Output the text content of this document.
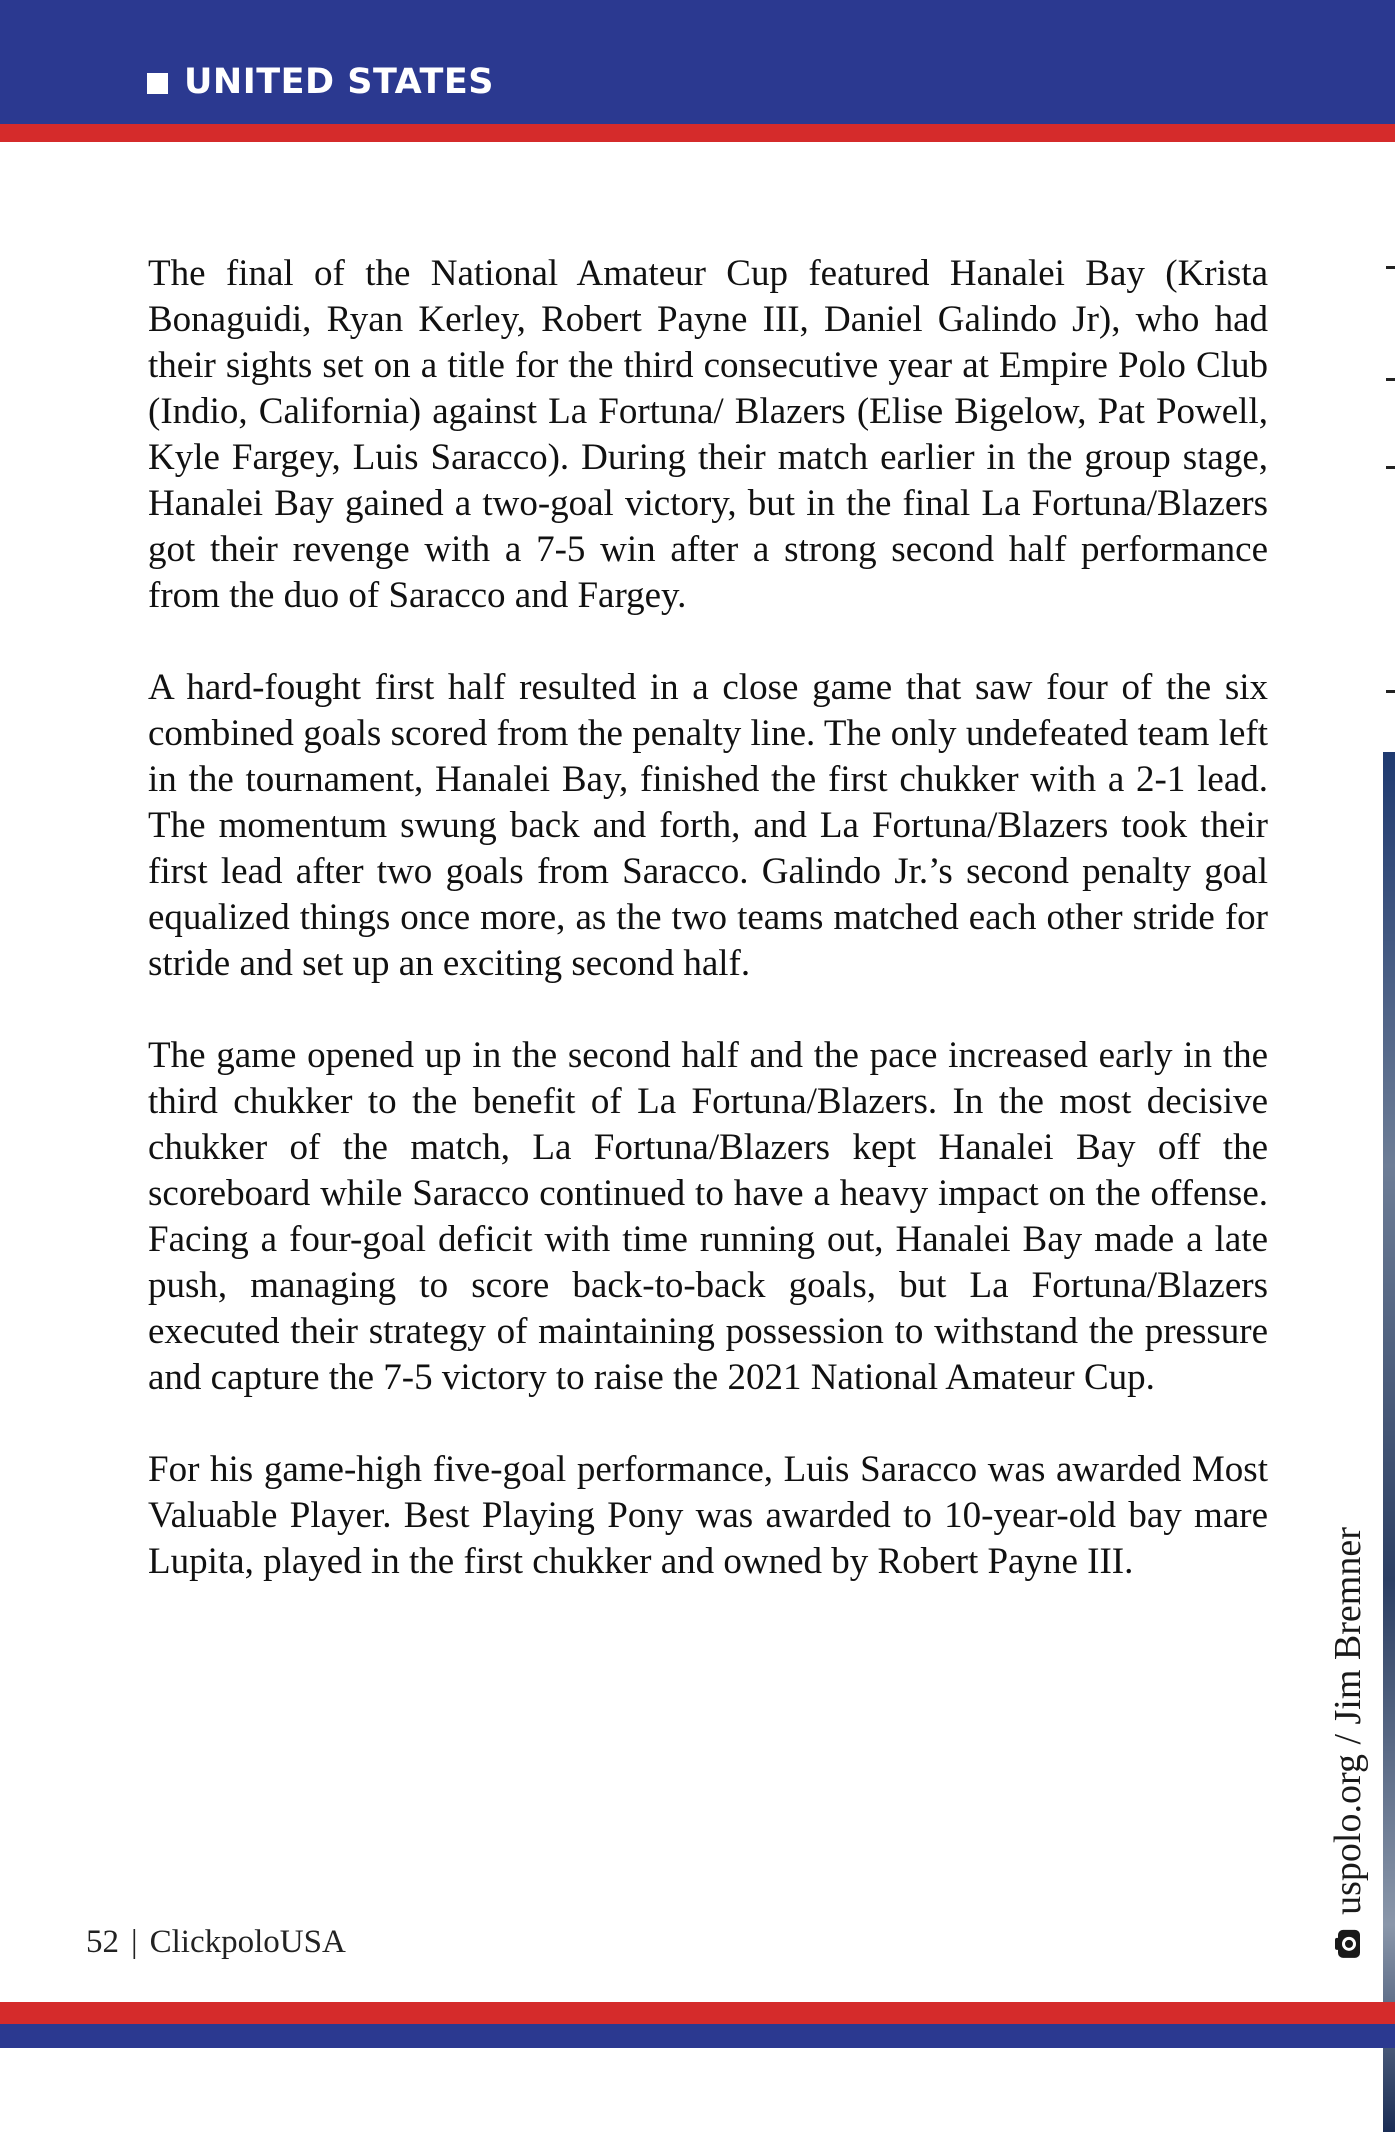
UNITED STATES

The final of the National Amateur Cup featured Hanalei Bay (Krista Bonaguidi, Ryan Kerley, Robert Payne III, Daniel Galindo Jr), who had their sights set on a title for the third consecutive year at Empire Polo Club (Indio, California) against La Fortuna/ Blazers (Elise Bigelow, Pat Powell, Kyle Fargey, Luis Saracco). During their match earlier in the group stage, Hanalei Bay gained a two-goal victory, but in the final La Fortuna/Blazers got their revenge with a 7-5 win after a strong second half performance from the duo of Saracco and Fargey.

A hard-fought first half resulted in a close game that saw four of the six combined goals scored from the penalty line. The only undefeated team left in the tournament, Hanalei Bay, finished the first chukker with a 2-1 lead. The momentum swung back and forth, and La Fortuna/Blazers took their first lead after two goals from Saracco. Galindo Jr.’s second penalty goal equalized things once more, as the two teams matched each other stride for stride and set up an exciting second half.

The game opened up in the second half and the pace increased early in the third chukker to the benefit of La Fortuna/Blazers. In the most decisive chukker of the match, La Fortuna/Blazers kept Hanalei Bay off the scoreboard while Saracco continued to have a heavy impact on the offense. Facing a four-goal deficit with time running out, Hanalei Bay made a late push, managing to score back-to-back goals, but La Fortuna/Blazers executed their strategy of maintaining possession to withstand the pressure and capture the 7-5 victory to raise the 2021 National Amateur Cup.

For his game-high five-goal performance, Luis Saracco was awarded Most Valuable Player. Best Playing Pony was awarded to 10-year-old bay mare Lupita, played in the first chukker and owned by Robert Payne III.	uspolo.org / Jim Bremner
52 | ClickpoloUSA
